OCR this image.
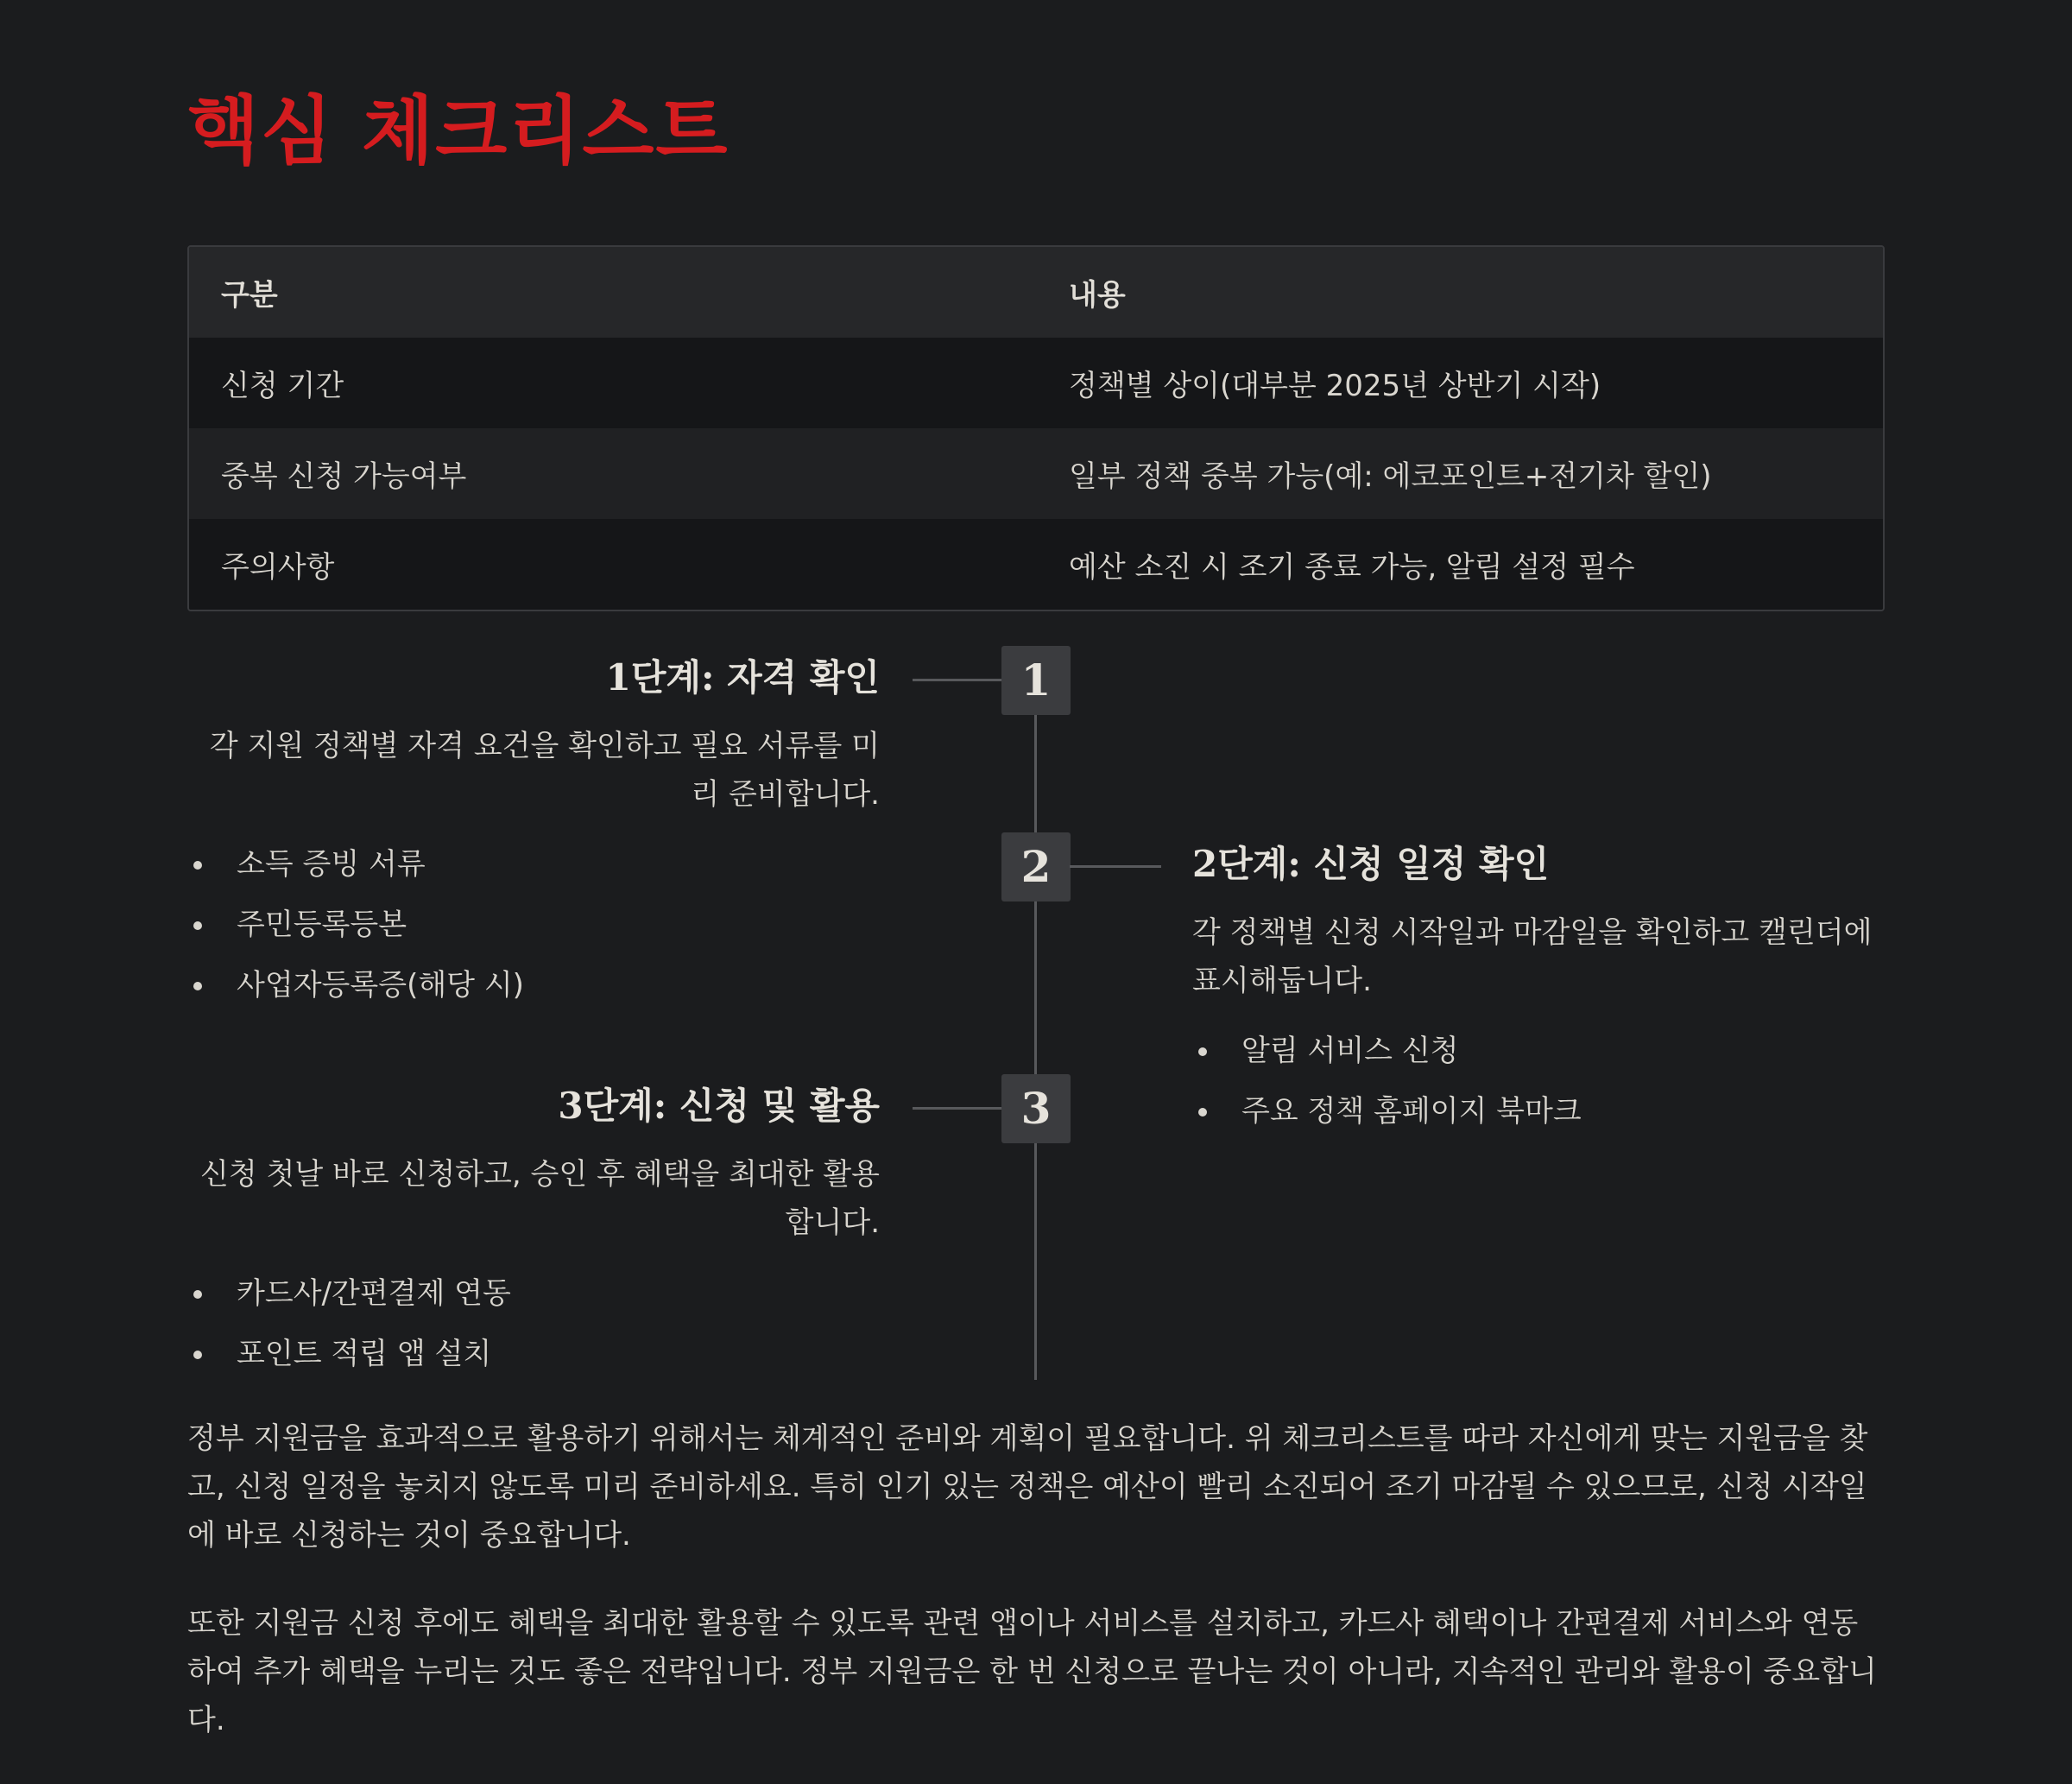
핵심 체크리스트
구분	내용
신청 기간	정책별 상이(대부분 2025년 상반기 시작)
중복 신청 가능여부	일부 정책 중복 가능(예: 에코포인트+전기차 할인)
주의사항	예산 소진 시 조기 종료 가능, 알림 설정 필수
1
1단계: 자격 확인

각 지원 정책별 자격 요건을 확인하고 필요 서류를 미리 준비합니다.

소득 증빙 서류
주민등록등본
사업자등록증(해당 시)
2	2단계: 신청 일정 확인

각 정책별 신청 시작일과 마감일을 확인하고 캘린더에 표시해둡니다.

알림 서비스 신청
주요 정책 홈페이지 북마크
3
3단계: 신청 및 활용

신청 첫날 바로 신청하고, 승인 후 혜택을 최대한 활용합니다.

카드사/간편결제 연동
포인트 적립 앱 설치

정부 지원금을 효과적으로 활용하기 위해서는 체계적인 준비와 계획이 필요합니다. 위 체크리스트를 따라 자신에게 맞는 지원금을 찾고, 신청 일정을 놓치지 않도록 미리 준비하세요. 특히 인기 있는 정책은 예산이 빨리 소진되어 조기 마감될 수 있으므로, 신청 시작일에 바로 신청하는 것이 중요합니다.

또한 지원금 신청 후에도 혜택을 최대한 활용할 수 있도록 관련 앱이나 서비스를 설치하고, 카드사 혜택이나 간편결제 서비스와 연동하여 추가 혜택을 누리는 것도 좋은 전략입니다. 정부 지원금은 한 번 신청으로 끝나는 것이 아니라, 지속적인 관리와 활용이 중요합니다.
